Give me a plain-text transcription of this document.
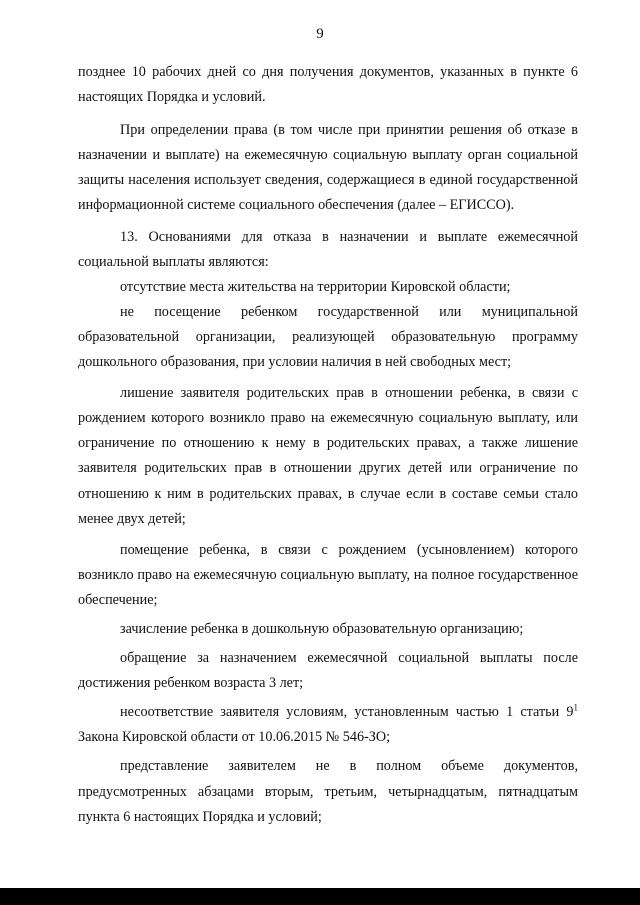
9

позднее 10 рабочих дней со дня получения документов, указанных в пункте 6 настоящих Порядка и условий.

При определении права (в том числе при принятии решения об отказе в назначении и выплате) на ежемесячную социальную выплату орган социальной защиты населения использует сведения, содержащиеся в единой государственной информационной системе социального обеспечения (далее – ЕГИССО).

13. Основаниями для отказа в назначении и выплате ежемесячной социальной выплаты являются:

отсутствие места жительства на территории Кировской области;

не посещение ребенком государственной или муниципальной образовательной организации, реализующей образовательную программу дошкольного образования, при условии наличия в ней свободных мест;

лишение заявителя родительских прав в отношении ребенка, в связи с рождением которого возникло право на ежемесячную социальную выплату, или ограничение по отношению к нему в родительских правах, а также лишение заявителя родительских прав в отношении других детей или ограничение по отношению к ним в родительских правах, в случае если в составе семьи стало менее двух детей;

помещение ребенка, в связи с рождением (усыновлением) которого возникло право на ежемесячную социальную выплату, на полное государственное обеспечение;

зачисление ребенка в дошкольную образовательную организацию;

обращение за назначением ежемесячной социальной выплаты после достижения ребенком возраста 3 лет;

несоответствие заявителя условиям, установленным частью 1 статьи $9^1$ Закона Кировской области от 10.06.2015 № 546-ЗО;

представление заявителем не в полном объеме документов, предусмотренных абзацами вторым, третьим, четырнадцатым, пятнадцатым пункта 6 настоящих Порядка и условий;
